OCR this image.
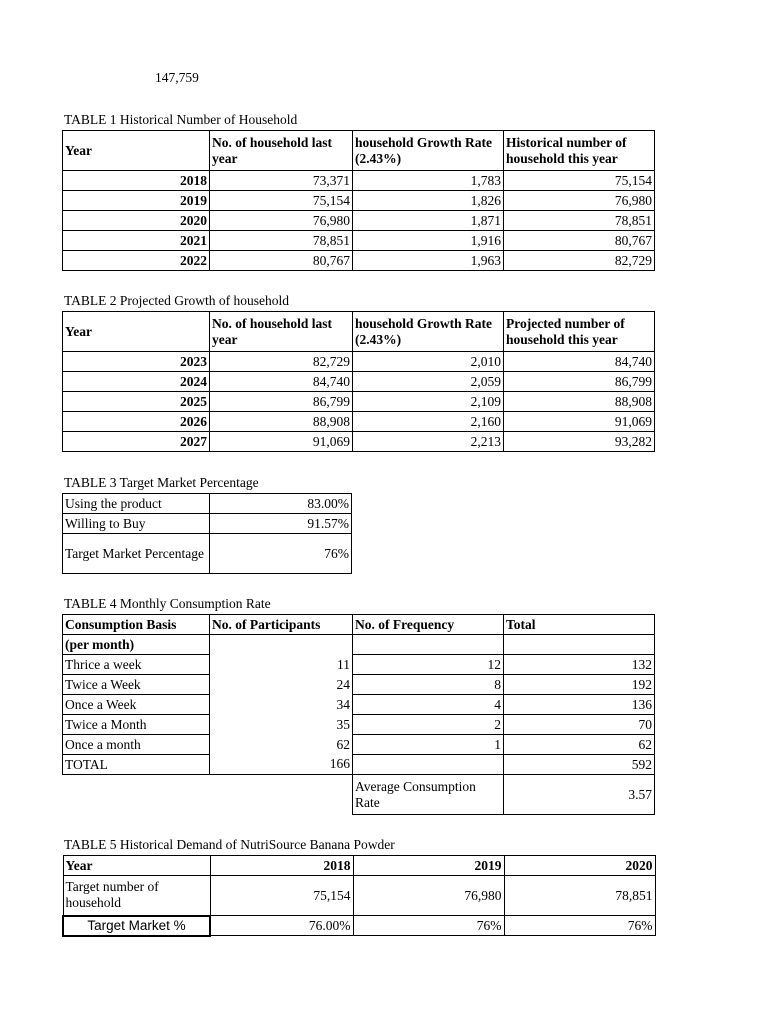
147,759
TABLE 1 Historical Number of Household
Year	No. of household last year	household Growth Rate (2.43%)	Historical number of household this year
2018	73,371	1,783	75,154
2019	75,154	1,826	76,980
2020	76,980	1,871	78,851
2021	78,851	1,916	80,767
2022	80,767	1,963	82,729
TABLE 2 Projected Growth of household
Year	No. of household last year	household Growth Rate (2.43%)	Projected number of household this year
2023	82,729	2,010	84,740
2024	84,740	2,059	86,799
2025	86,799	2,109	88,908
2026	88,908	2,160	91,069
2027	91,069	2,213	93,282
TABLE 3 Target Market Percentage
Using the product	83.00%
Willing to Buy	91.57%
Target Market Percentage	76%
TABLE 4 Monthly Consumption Rate
Consumption Basis	No. of Participants	No. of Frequency	Total
(per month)			
Thrice a week	11	12	132
Twice a Week	24	8	192
Once a Week	34	4	136
Twice a Month	35	2	70
Once a month	62	1	62
TOTAL	166		592
		Average Consumption Rate	3.57
TABLE 5 Historical Demand of NutriSource Banana Powder
Year	2018	2019	2020
Target number of household	75,154	76,980	78,851
Target Market %	76.00%	76%	76%
